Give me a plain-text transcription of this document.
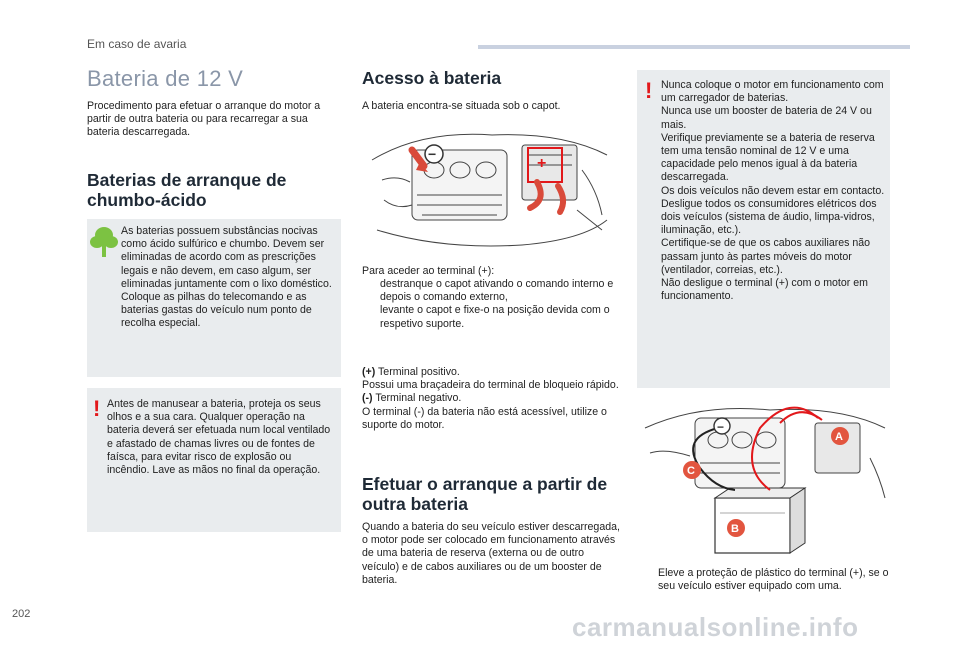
Em caso de avaria
Bateria de 12 V
Procedimento para efetuar o arranque do motor a partir de outra bateria ou para recarregar a sua bateria descarregada.
Baterias de arranque de chumbo-ácido
As baterias possuem substâncias nocivas como ácido sulfúrico e chumbo. Devem ser eliminadas de acordo com as prescrições legais e não devem, em caso algum, ser eliminadas juntamente com o lixo doméstico. Coloque as pilhas do telecomando e as baterias gastas do veículo num ponto de recolha especial.
! Antes de manusear a bateria, proteja os seus olhos e a sua cara. Qualquer operação na bateria deverá ser efetuada num local ventilado e afastado de chamas livres ou de fontes de faísca, para evitar risco de explosão ou incêndio. Lave as mãos no final da operação.
Acesso à bateria
A bateria encontra-se situada sob o capot.
+
−
Para aceder ao terminal (+):
destranque o capot ativando o comando interno e depois o comando externo,
levante o capot e fixe-o na posição devida com o respetivo suporte.
(+) Terminal positivo.
Possui uma braçadeira do terminal de bloqueio rápido.
(-) Terminal negativo.
O terminal (-) da bateria não está acessível, utilize o suporte do motor.
Efetuar o arranque a partir de outra bateria
Quando a bateria do seu veículo estiver descarregada, o motor pode ser colocado em funcionamento através de uma bateria de reserva (externa ou de outro veículo) e de cabos auxiliares ou de um booster de bateria.
! Nunca coloque o motor em funcionamento com um carregador de baterias.
Nunca use um booster de bateria de 24 V ou mais.
Verifique previamente se a bateria de reserva tem uma tensão nominal de 12 V e uma capacidade pelo menos igual à da bateria descarregada.
Os dois veículos não devem estar em contacto.
Desligue todos os consumidores elétricos dos dois veículos (sistema de áudio, limpa-vidros, iluminação, etc.).
Certifique-se de que os cabos auxiliares não passam junto às partes móveis do motor (ventilador, correias, etc.).
Não desligue o terminal (+) com o motor em funcionamento.
−
A
C
B
Eleve a proteção de plástico do terminal (+), se o seu veículo estiver equipado com uma.
202	carmanualsonline.info
